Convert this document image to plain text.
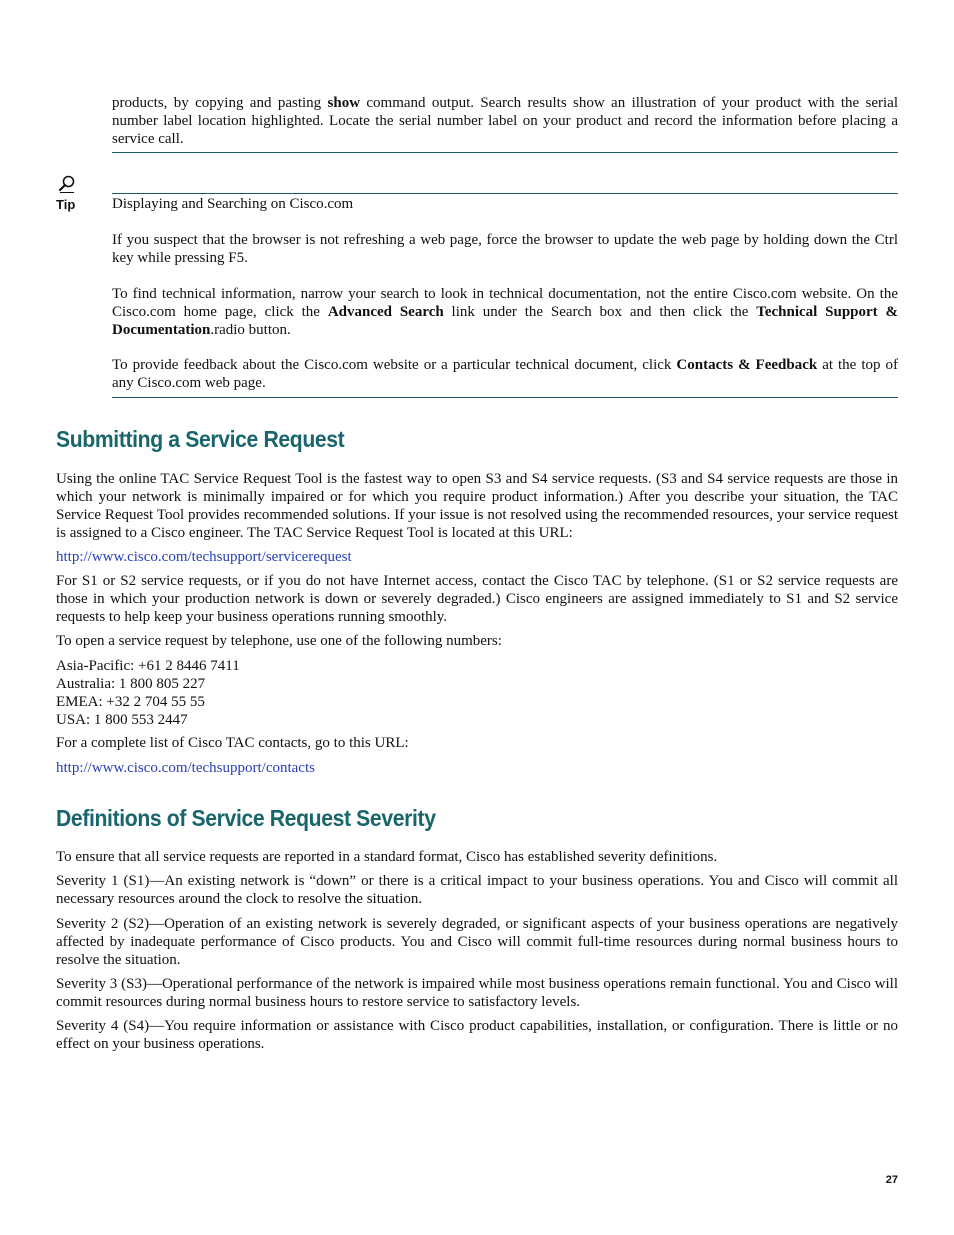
products, by copying and pasting show command output. Search results show an illustration of your product with the serial number label location highlighted. Locate the serial number label on your product and record the information before placing a service call.
Tip Displaying and Searching on Cisco.com
If you suspect that the browser is not refreshing a web page, force the browser to update the web page by holding down the Ctrl key while pressing F5.
To find technical information, narrow your search to look in technical documentation, not the entire Cisco.com website. On the Cisco.com home page, click the Advanced Search link under the Search box and then click the Technical Support & Documentation.radio button.
To provide feedback about the Cisco.com website or a particular technical document, click Contacts & Feedback at the top of any Cisco.com web page.
Submitting a Service Request
Using the online TAC Service Request Tool is the fastest way to open S3 and S4 service requests. (S3 and S4 service requests are those in which your network is minimally impaired or for which you require product information.) After you describe your situation, the TAC Service Request Tool provides recommended solutions. If your issue is not resolved using the recommended resources, your service request is assigned to a Cisco engineer. The TAC Service Request Tool is located at this URL:
http://www.cisco.com/techsupport/servicerequest
For S1 or S2 service requests, or if you do not have Internet access, contact the Cisco TAC by telephone. (S1 or S2 service requests are those in which your production network is down or severely degraded.) Cisco engineers are assigned immediately to S1 and S2 service requests to help keep your business operations running smoothly.
To open a service request by telephone, use one of the following numbers:
Asia-Pacific: +61 2 8446 7411
Australia: 1 800 805 227
EMEA: +32 2 704 55 55
USA: 1 800 553 2447
For a complete list of Cisco TAC contacts, go to this URL:
http://www.cisco.com/techsupport/contacts
Definitions of Service Request Severity
To ensure that all service requests are reported in a standard format, Cisco has established severity definitions.
Severity 1 (S1)—An existing network is “down” or there is a critical impact to your business operations. You and Cisco will commit all necessary resources around the clock to resolve the situation.
Severity 2 (S2)—Operation of an existing network is severely degraded, or significant aspects of your business operations are negatively affected by inadequate performance of Cisco products. You and Cisco will commit full-time resources during normal business hours to resolve the situation.
Severity 3 (S3)—Operational performance of the network is impaired while most business operations remain functional. You and Cisco will commit resources during normal business hours to restore service to satisfactory levels.
Severity 4 (S4)—You require information or assistance with Cisco product capabilities, installation, or configuration. There is little or no effect on your business operations.
27
